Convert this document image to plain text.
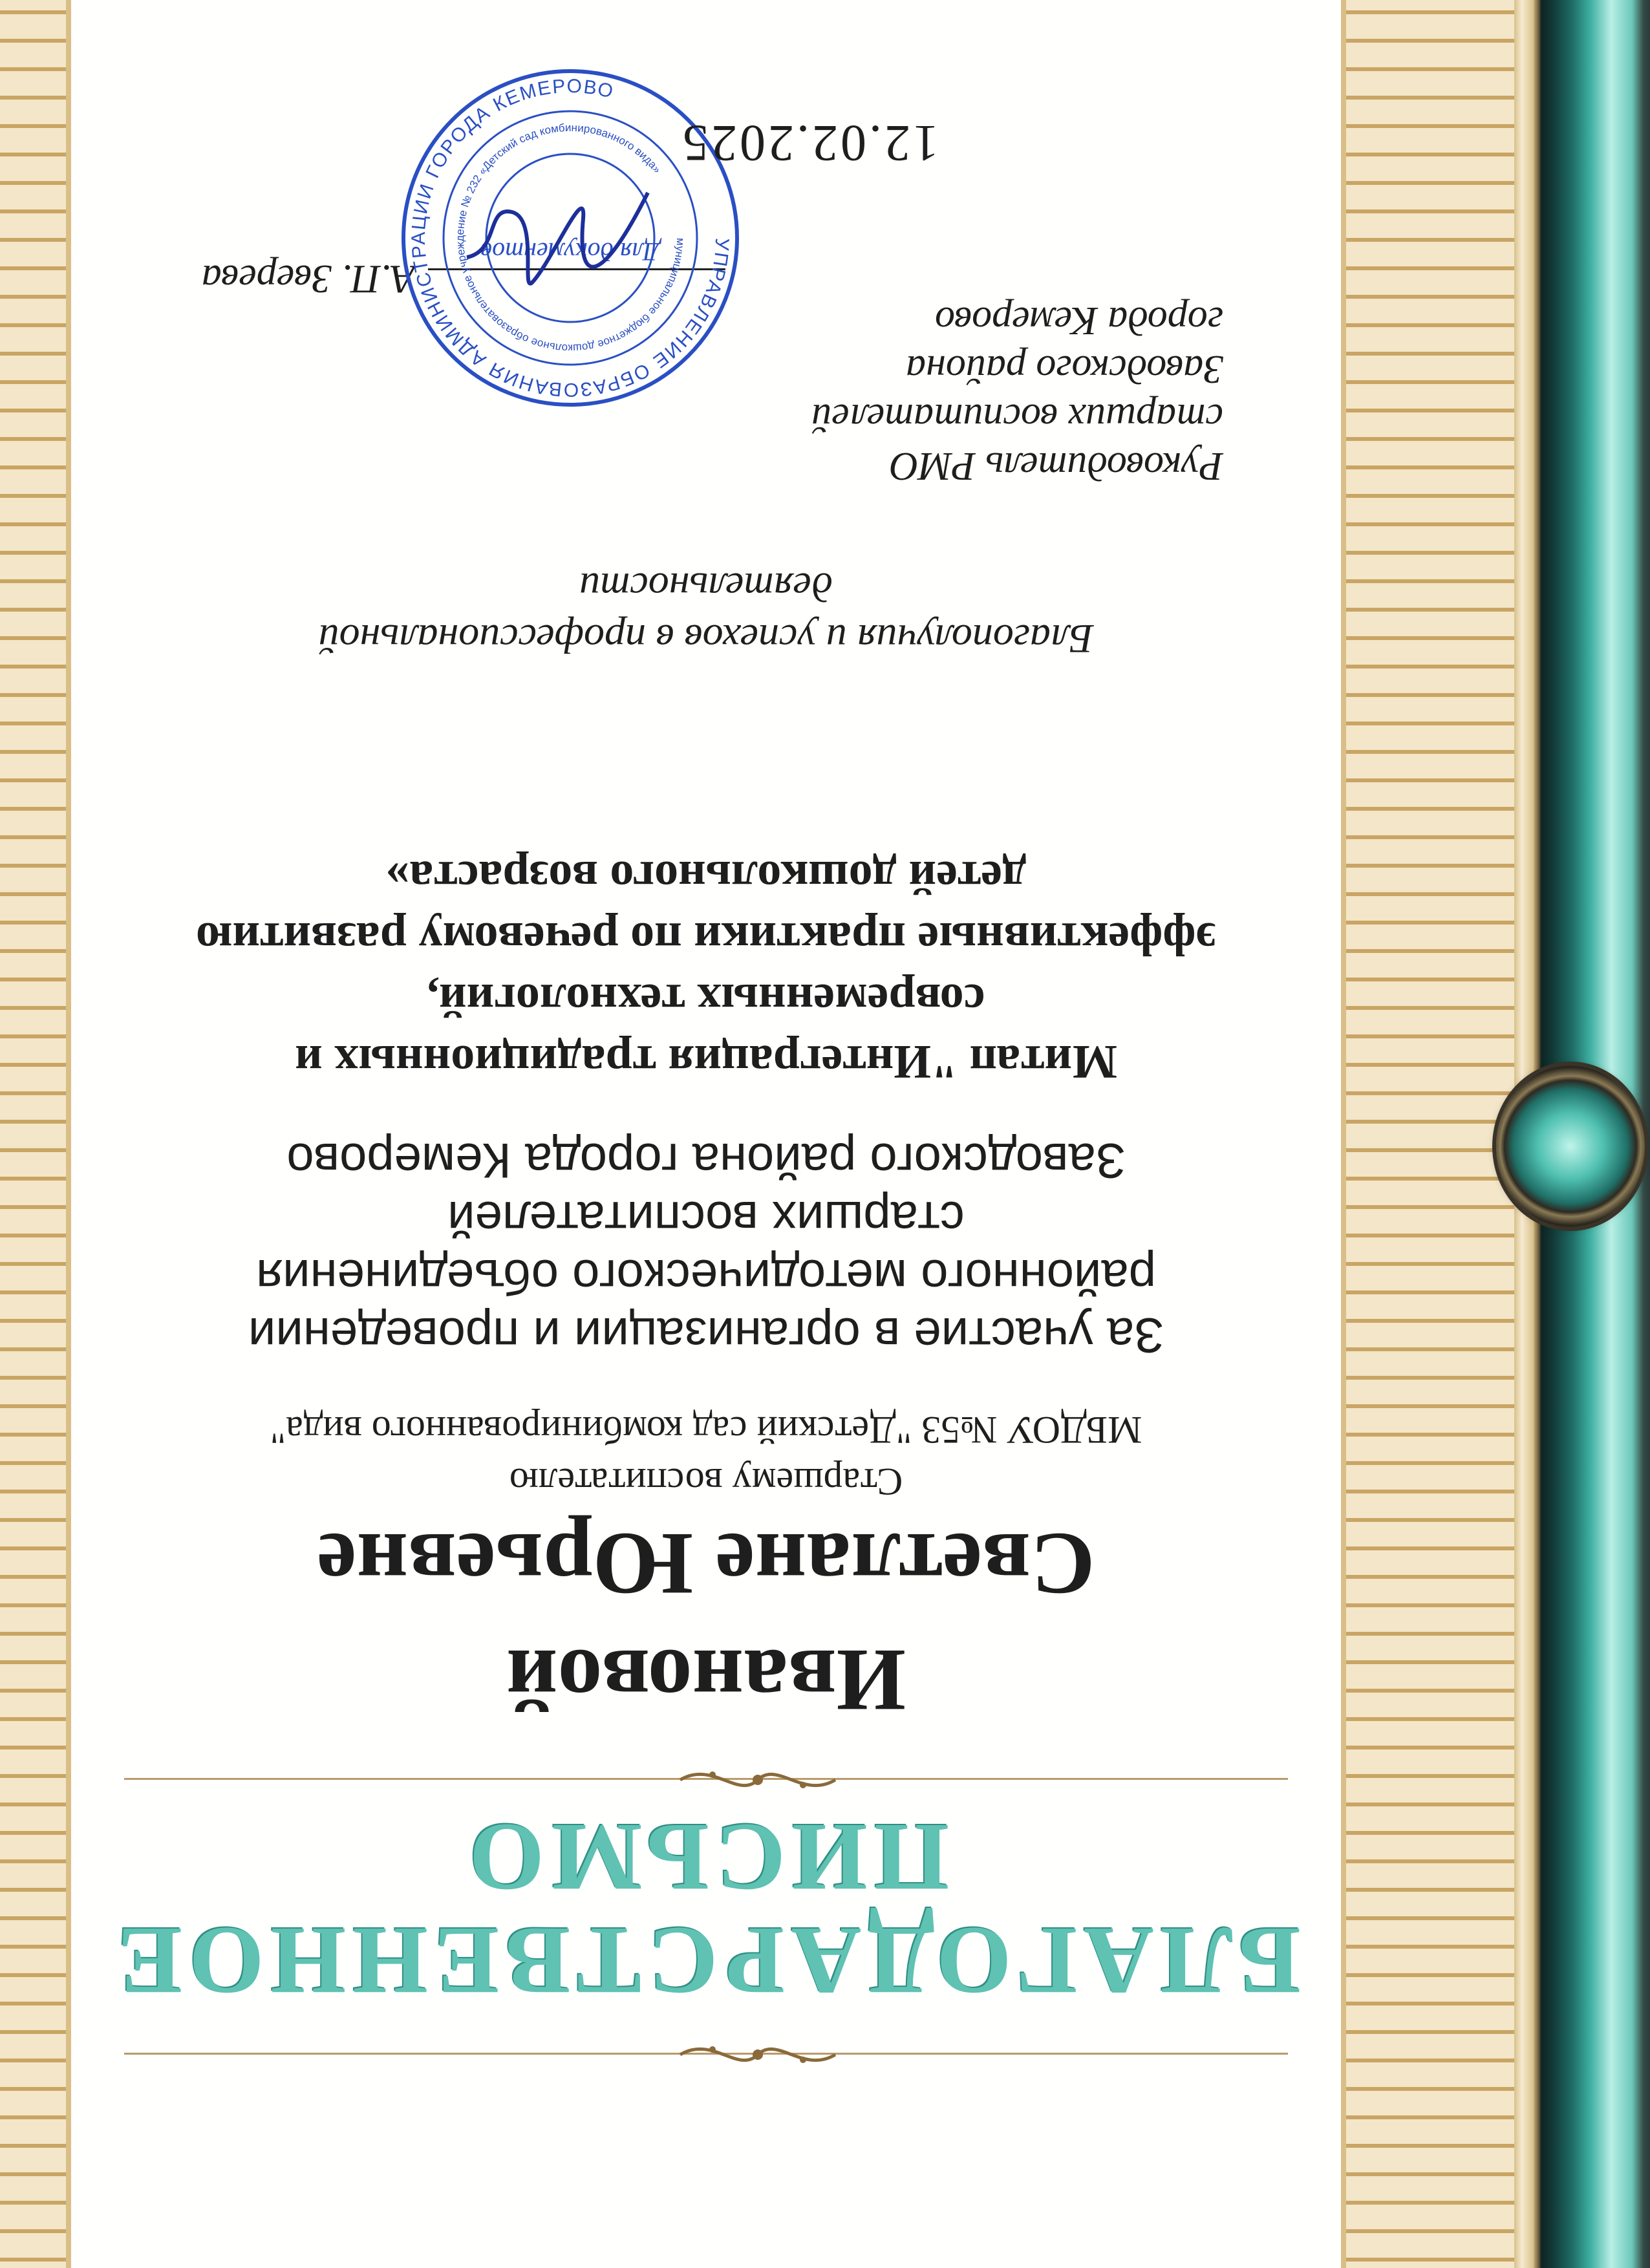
БЛАГОДАРСТВЕННОЕ
ПИСЬМО
Ивановой
Светлане Юрьевне
Старшему воспитателю
МБДОУ №53 "Детский сад комбинированного вида"
За участие в организации и проведении
районного методического объединения
старших воспитателей
Заводского района города Кемерово
Митап "Интеграция традиционных и
современных технологий,
эффективные практики по речевому развитию
детей дошкольного возраста»
Благополучия и успехов в профессиональной
деятельности
Руководитель РМО
старших воспитателей
Заводского района
города Кемерово
А.П. Зверева
УПРАВЛЕНИЕ ОБРАЗОВАНИЯ АДМИНИСТРАЦИИ ГОРОДА КЕМЕРОВО
муниципальное бюджетное дошкольное образовательное учреждение № 232 «Детский сад комбинированного вида»
Для документов
12.02.2025
